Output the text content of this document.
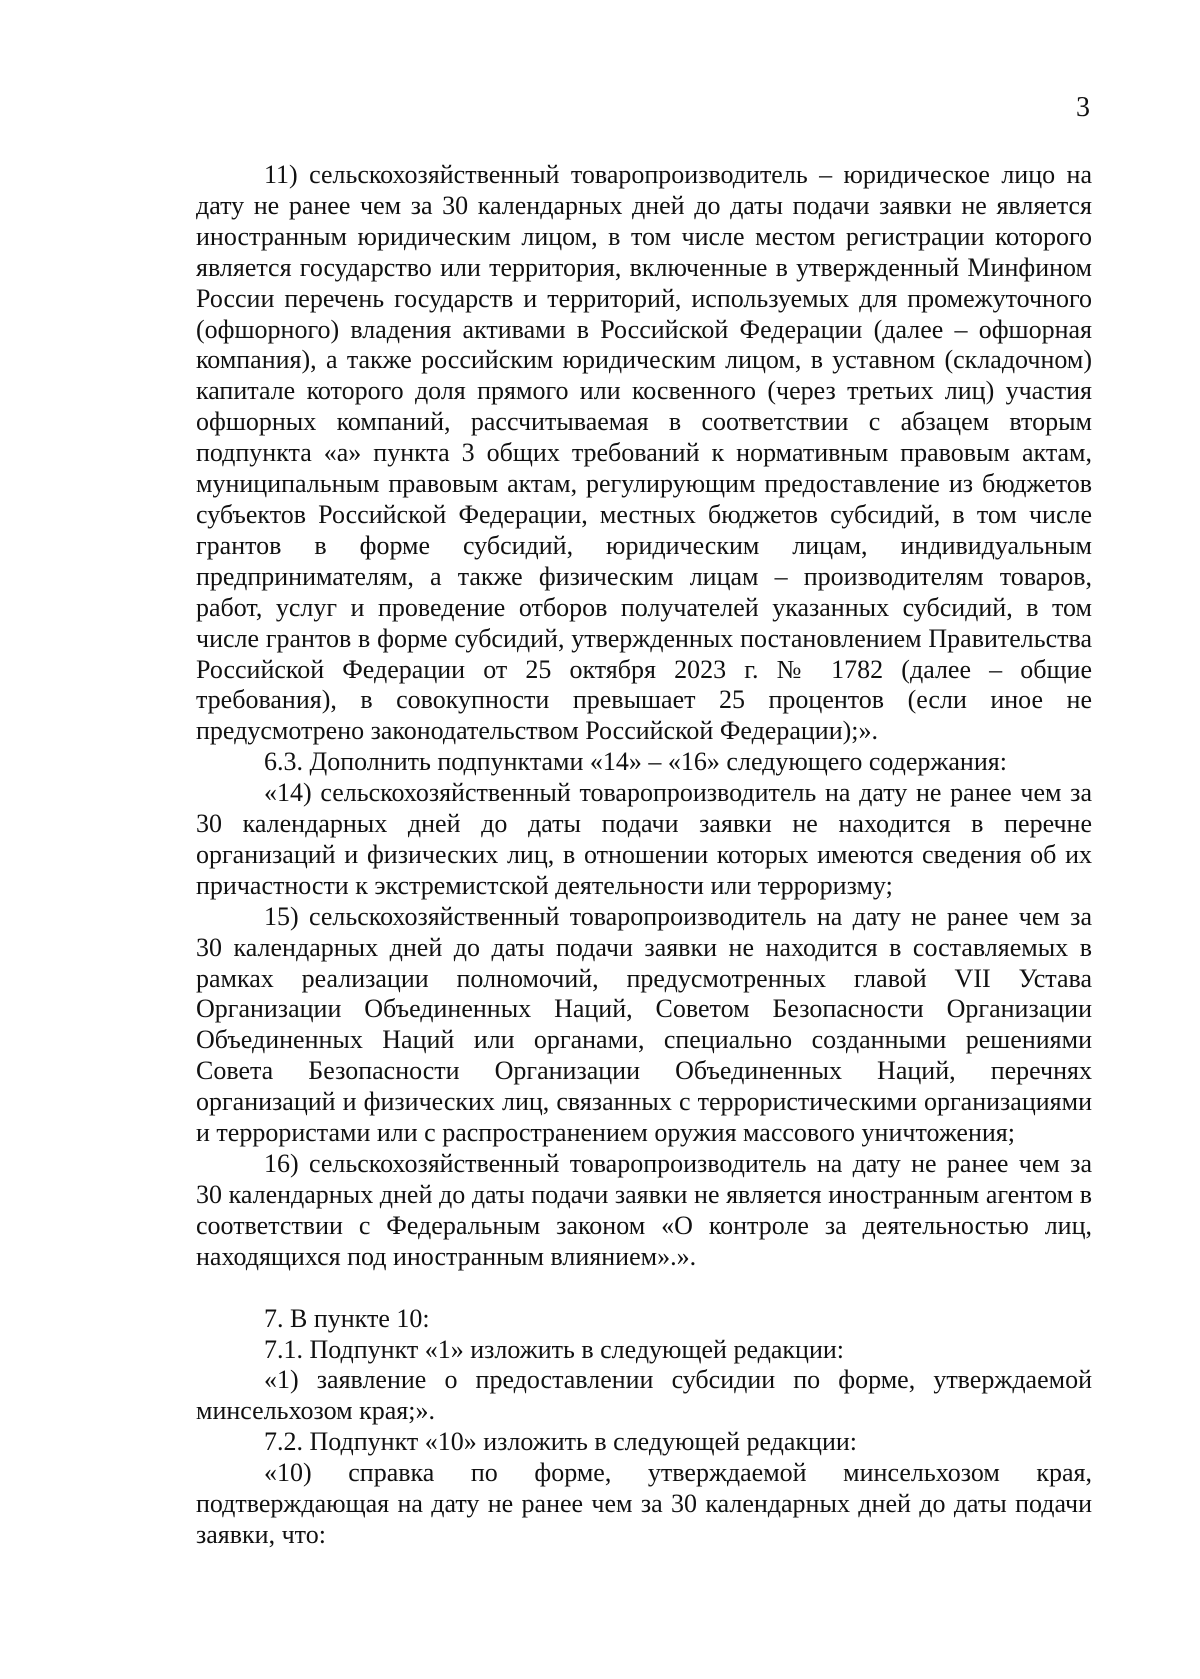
3

11) сельскохозяйственный товаропроизводитель – юридическое лицо на дату не ранее чем за 30 календарных дней до даты подачи заявки не является иностранным юридическим лицом, в том числе местом регистрации которого является государство или территория, включенные в утвержденный Минфином России перечень государств и территорий, используемых для промежуточного (офшорного) владения активами в Российской Федерации (далее – офшорная компания), а также российским юридическим лицом, в уставном (складочном) капитале которого доля прямого или косвенного (через третьих лиц) участия офшорных компаний, рассчитываемая в соответствии с абзацем вторым подпункта «а» пункта 3 общих требований к нормативным правовым актам, муниципальным правовым актам, регулирующим предоставление из бюджетов субъектов Российской Федерации, местных бюджетов субсидий, в том числе грантов в форме субсидий, юридическим лицам, индивидуальным предпринимателям, а также физическим лицам – производителям товаров, работ, услуг и проведение отборов получателей указанных субсидий, в том числе грантов в форме субсидий, утвержденных постановлением Правительства Российской Федерации от 25 октября 2023 г. № 1782 (далее – общие требования), в совокупности превышает 25 процентов (если иное не предусмотрено законодательством Российской Федерации);».

6.3. Дополнить подпунктами «14» – «16» следующего содержания:

«14) сельскохозяйственный товаропроизводитель на дату не ранее чем за 30 календарных дней до даты подачи заявки не находится в перечне организаций и физических лиц, в отношении которых имеются сведения об их причастности к экстремистской деятельности или терроризму;

15) сельскохозяйственный товаропроизводитель на дату не ранее чем за 30 календарных дней до даты подачи заявки не находится в составляемых в рамках реализации полномочий, предусмотренных главой VII Устава Организации Объединенных Наций, Советом Безопасности Организации Объединенных Наций или органами, специально созданными решениями Совета Безопасности Организации Объединенных Наций, перечнях организаций и физических лиц, связанных с террористическими организациями и террористами или с распространением оружия массового уничтожения;

16) сельскохозяйственный товаропроизводитель на дату не ранее чем за 30 календарных дней до даты подачи заявки не является иностранным агентом в соответствии с Федеральным законом «О контроле за деятельностью лиц, находящихся под иностранным влиянием».».

7. В пункте 10:

7.1. Подпункт «1» изложить в следующей редакции:

«1) заявление о предоставлении субсидии по форме, утверждаемой минсельхозом края;».

7.2. Подпункт «10» изложить в следующей редакции:

«10) справка по форме, утверждаемой минсельхозом края, подтверждающая на дату не ранее чем за 30 календарных дней до даты подачи заявки, что:
